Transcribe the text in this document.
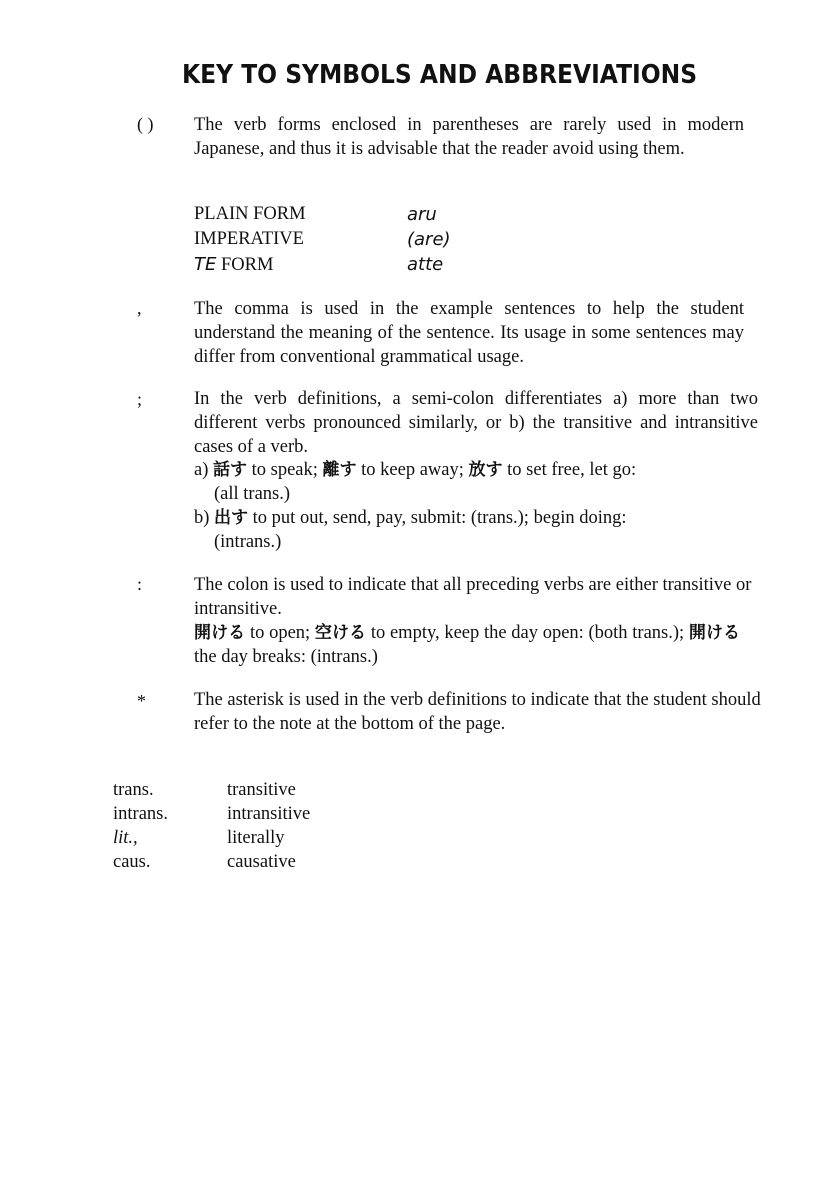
KEY TO SYMBOLS AND ABBREVIATIONS
( ) The verb forms enclosed in parentheses are rarely used in modern Japanese, and thus it is advisable that the reader avoid using them.
PLAIN FORM	aru
IMPERATIVE	(are)
TE FORM	atte
,	The comma is used in the example sentences to help the student understand the meaning of the sentence. Its usage in some sentences may differ from conventional grammatical usage.
;	In the verb definitions, a semi-colon differentiates a) more than two different verbs pronounced similarly, or b) the transitive and intransitive cases of a verb.
a) 話す to speak; 離す to keep away; 放す to set free, let go:
(all trans.)
b) 出す to put out, send, pay, submit: (trans.); begin doing:
(intrans.)
:	The colon is used to indicate that all preceding verbs are either transitive or intransitive.
開ける to open; 空ける to empty, keep the day open: (both trans.); 開ける the day breaks: (intrans.)
*	The asterisk is used in the verb definitions to indicate that the student should refer to the note at the bottom of the page.
trans.	transitive
intrans.	intransitive
lit.,	literally
caus.	causative
